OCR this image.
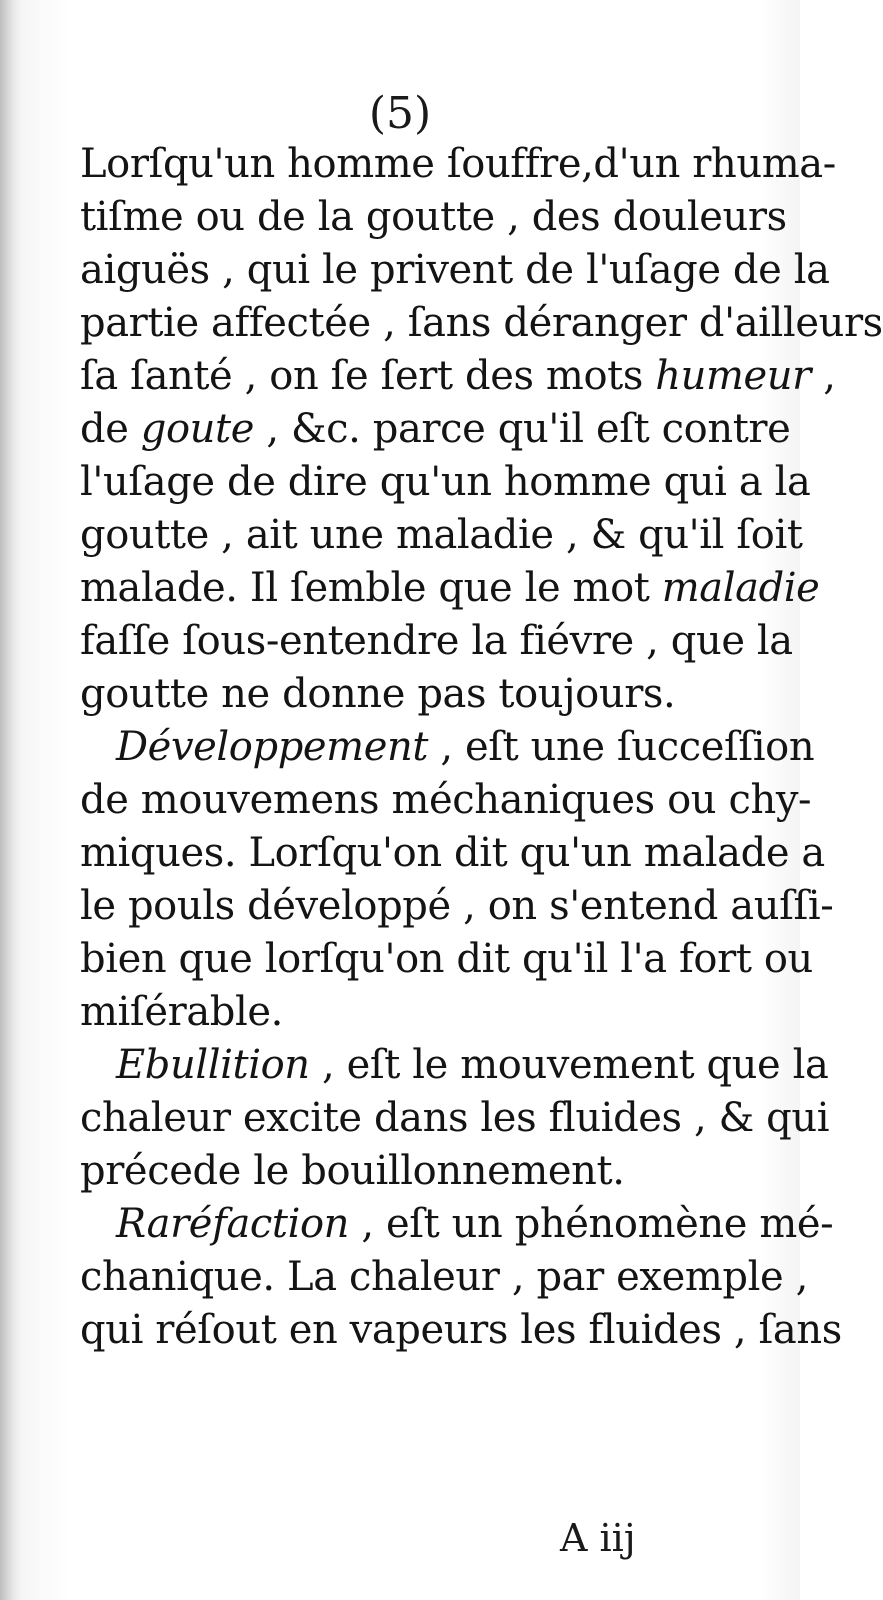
(5)
Lorſqu'un homme ſouffre,d'un rhuma-
tiſme ou de la goutte , des douleurs
aiguës , qui le privent de l'uſage de la
partie affectée , ſans déranger d'ailleurs
ſa ſanté , on ſe ſert des mots humeur ,
de goute , &c. parce qu'il eſt contre
l'uſage de dire qu'un homme qui a la
goutte , ait une maladie , & qu'il ſoit
malade. Il ſemble que le mot maladie
faſſe ſous-entendre la fiévre , que la
goutte ne donne pas toujours.
Développement , eſt une ſucceſſion
de mouvemens méchaniques ou chy-
miques. Lorſqu'on dit qu'un malade a
le pouls développé , on s'entend auſſi-
bien que lorſqu'on dit qu'il l'a fort ou
miſérable.
Ebullition , eſt le mouvement que la
chaleur excite dans les fluides , & qui
précede le bouillonnement.
Raréfaction , eſt un phénomène mé-
chanique. La chaleur , par exemple ,
qui réſout en vapeurs les fluides , ſans
A iij
